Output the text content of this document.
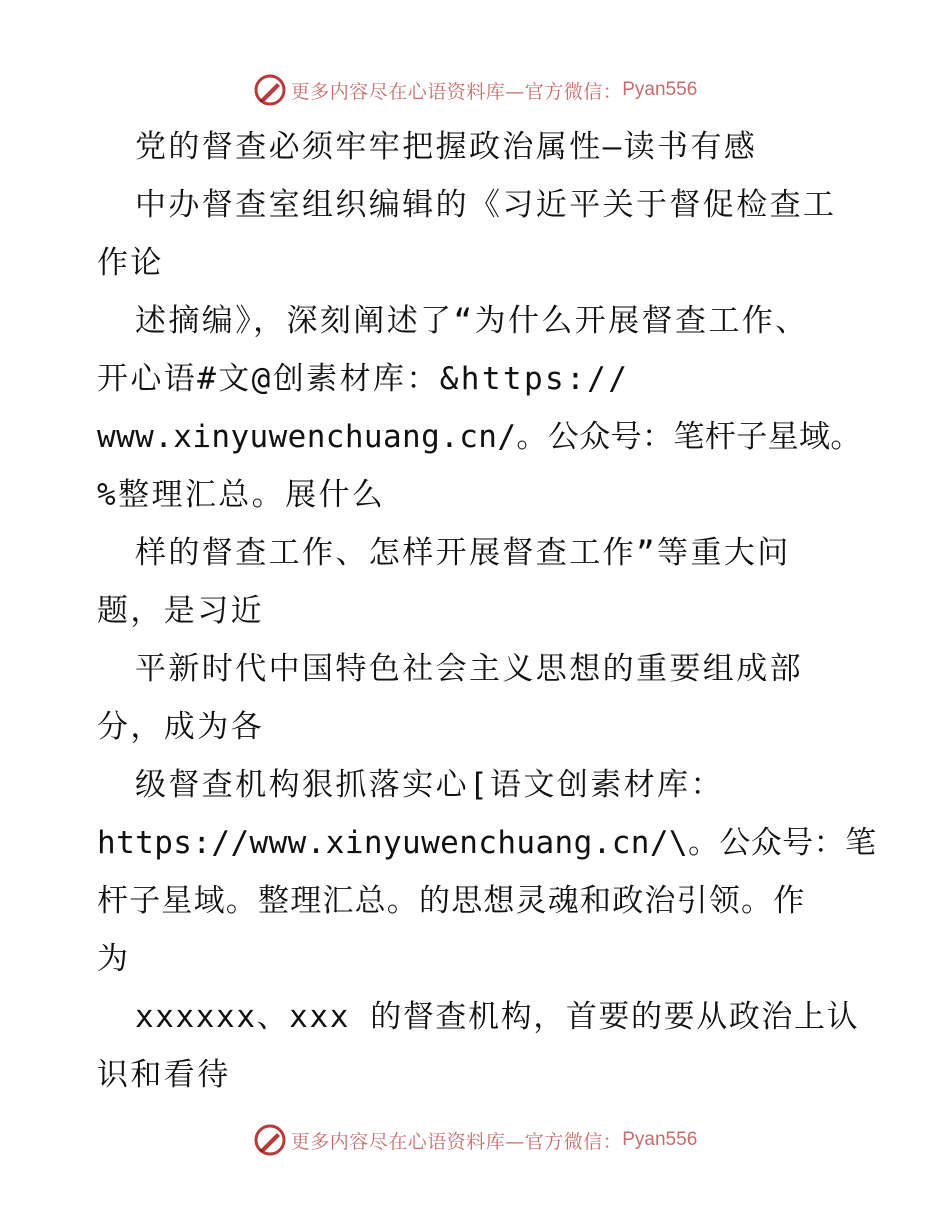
更多内容尽在心语资料库—官方微信： Pyan556
党的督查必须牢牢把握政治属性—读书有感
中办督查室组织编辑的《习近平关于督促检查工
作论
述摘编》，深刻阐述了“为什么开展督查工作、
开心语#文@创素材库：&https://
www.xinyuwenchuang.cn/。公众号：笔杆子星域。
%整理汇总。展什么
样的督查工作、怎样开展督查工作”等重大问
题，是习近
平新时代中国特色社会主义思想的重要组成部
分，成为各
级督查机构狠抓落实心[语文创素材库：
https://www.xinyuwenchuang.cn/\。公众号：笔
杆子星域。整理汇总。的思想灵魂和政治引领。作
为
xxxxxx、xxx 的督查机构，首要的要从政治上认
识和看待
更多内容尽在心语资料库—官方微信： Pyan556
